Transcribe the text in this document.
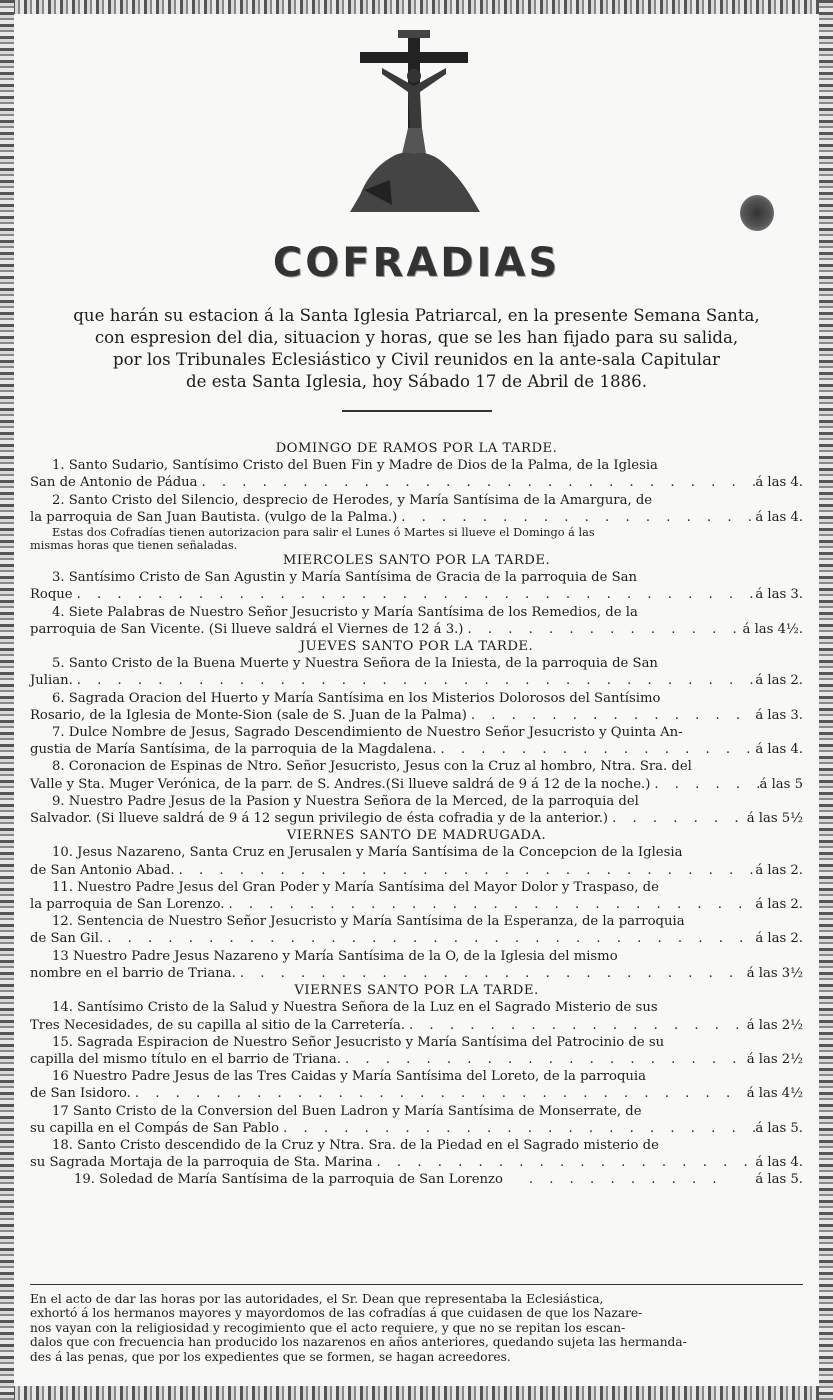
COFRADIAS
que harán su estacion á la Santa Iglesia Patriarcal, en la presente Semana Santa,
con espresion del dia, situacion y horas, que se les han fijado para su salida,
por los Tribunales Eclesiástico y Civil reunidos en la ante-sala Capitular
de esta Santa Iglesia, hoy Sábado 17 de Abril de 1886.
DOMINGO DE RAMOS POR LA TARDE.
1. Santo Sudario, Santísimo Cristo del Buen Fin y Madre de Dios de la Palma, de la Iglesia
San de Antonio de Pádua . . .	á las 4.
2. Santo Cristo del Silencio, desprecio de Herodes, y María Santísima de la Amargura, de
la parroquia de San Juan Bautista. (vulgo de la Palma.) . . .	á las 4.
Estas dos Cofradías tienen autorizacion para salir el Lunes ó Martes si llueve el Domingo á las
mismas horas que tienen señaladas.
MIERCOLES SANTO POR LA TARDE.
3. Santísimo Cristo de San Agustin y María Santísima de Gracia de la parroquia de San
Roque . . .	á las 3.
4. Siete Palabras de Nuestro Señor Jesucristo y María Santísima de los Remedios, de la
parroquia de San Vicente. (Si llueve saldrá el Viernes de 12 á 3.) . . .	á las 4½.
JUEVES SANTO POR LA TARDE.
5. Santo Cristo de la Buena Muerte y Nuestra Señora de la Iniesta, de la parroquia de San
Julian. . . .	á las 2.
6. Sagrada Oracion del Huerto y María Santísima en los Misterios Dolorosos del Santísimo
Rosario, de la Iglesia de Monte-Sion (sale de S. Juan de la Palma) . . .	á las 3.
7. Dulce Nombre de Jesus, Sagrado Descendimiento de Nuestro Señor Jesucristo y Quinta An-
gustia de María Santísima, de la parroquia de la Magdalena. . . .	á las 4.
8. Coronacion de Espinas de Ntro. Señor Jesucristo, Jesus con la Cruz al hombro, Ntra. Sra. del
Valle y Sta. Muger Verónica, de la parr. de S. Andres.(Si llueve saldrá de 9 á 12 de la noche.) . . .	á las 5
9. Nuestro Padre Jesus de la Pasion y Nuestra Señora de la Merced, de la parroquia del
Salvador. (Si llueve saldrá de 9 á 12 segun privilegio de ésta cofradia y de la anterior.) . . .	á las 5½
VIERNES SANTO DE MADRUGADA.
10. Jesus Nazareno, Santa Cruz en Jerusalen y María Santísima de la Concepcion de la Iglesia
de San Antonio Abad. . . .	á las 2.
11. Nuestro Padre Jesus del Gran Poder y María Santísima del Mayor Dolor y Traspaso, de
la parroquia de San Lorenzo. . . .	á las 2.
12. Sentencia de Nuestro Señor Jesucristo y María Santísima de la Esperanza, de la parroquia
de San Gil. . . .	á las 2.
13 Nuestro Padre Jesus Nazareno y María Santísima de la O, de la Iglesia del mismo
nombre en el barrio de Triana. . . .	á las 3½
VIERNES SANTO POR LA TARDE.
14. Santísimo Cristo de la Salud y Nuestra Señora de la Luz en el Sagrado Misterio de sus
Tres Necesidades, de su capilla al sitio de la Carretería. . . .	á las 2½
15. Sagrada Espiracion de Nuestro Señor Jesucristo y María Santísima del Patrocinio de su
capilla del mismo título en el barrio de Triana. . . .	á las 2½
16 Nuestro Padre Jesus de las Tres Caidas y María Santísima del Loreto, de la parroquia
de San Isidoro. . . .	á las 4½
17 Santo Cristo de la Conversion del Buen Ladron y María Santísima de Monserrate, de
su capilla en el Compás de San Pablo . . .	á las 5.
18. Santo Cristo descendido de la Cruz y Ntra. Sra. de la Piedad en el Sagrado misterio de
su Sagrada Mortaja de la parroquia de Sta. Marina . . .	á las 4.
19. Soledad de María Santísima de la parroquia de San Lorenzo . . .	á las 5.
En el acto de dar las horas por las autoridades, el Sr. Dean que representaba la Eclesiástica,
exhortó á los hermanos mayores y mayordomos de las cofradías á que cuidasen de que los Nazare-
nos vayan con la religiosidad y recogimiento que el acto requiere, y que no se repitan los escan-
dalos que con frecuencia han producido los nazarenos en años anteriores, quedando sujeta las hermanda-
des á las penas, que por los expedientes que se formen, se hagan acreedores.
